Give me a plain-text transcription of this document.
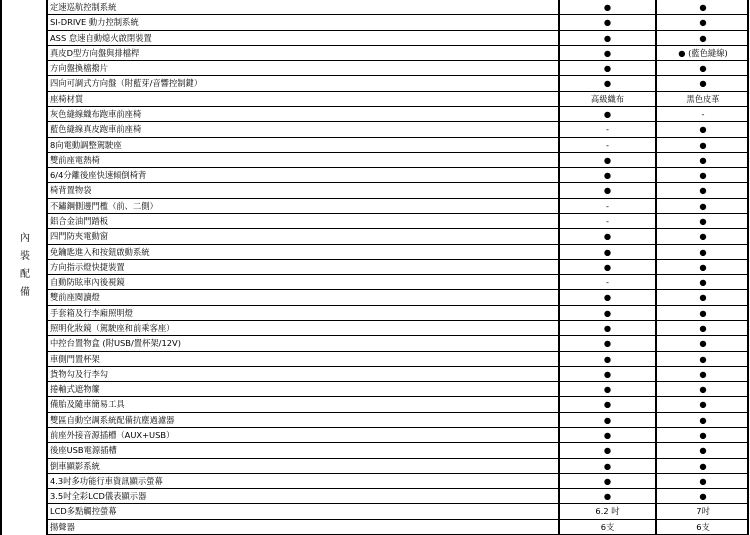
內裝配備
定速巡航控制系統	●	●
SI-DRIVE 動力控制系統	●	●
ASS 怠速自動熄火啟閉裝置	●	●
真皮D型方向盤與排檔桿	●	● (藍色縫線)
方向盤換檔撥片	●	●
四向可調式方向盤（附藍芽/音響控制鍵）	●	●
座椅材質	高級織布	黑色皮革
灰色縫線織布跑車前座椅	●	-
藍色縫線真皮跑車前座椅	-	●
8向電動調整駕駛座	-	●
雙前座電熱椅	●	●
6/4分離後座快速傾倒椅背	●	●
椅背置物袋	●	●
不鏽鋼側邊門檻（前、二側）	-	●
鋁合金油門踏板	-	●
四門防夾電動窗	●	●
免鑰匙進入和按鈕啟動系統	●	●
方向指示燈快捷裝置	●	●
自動防眩車內後視鏡	-	●
雙前座閱讀燈	●	●
手套箱及行李廂照明燈	●	●
照明化妝鏡（駕駛座和前乘客座）	●	●
中控台置物盒 (附USB/置杯架/12V)	●	●
車側門置杯架	●	●
貨物勾及行李勾	●	●
捲軸式遮物簾	●	●
備胎及隨車簡易工具	●	●
雙區自動空調系統配備抗塵過濾器	●	●
前座外接音源插槽（AUX+USB）	●	●
後座USB電源插槽	●	●
倒車顯影系統	●	●
4.3吋多功能行車資訊顯示螢幕	●	●
3.5吋全彩LCD儀表顯示器	●	●
LCD多點觸控螢幕	6.2 吋	7吋
揚聲器	6支	6支
